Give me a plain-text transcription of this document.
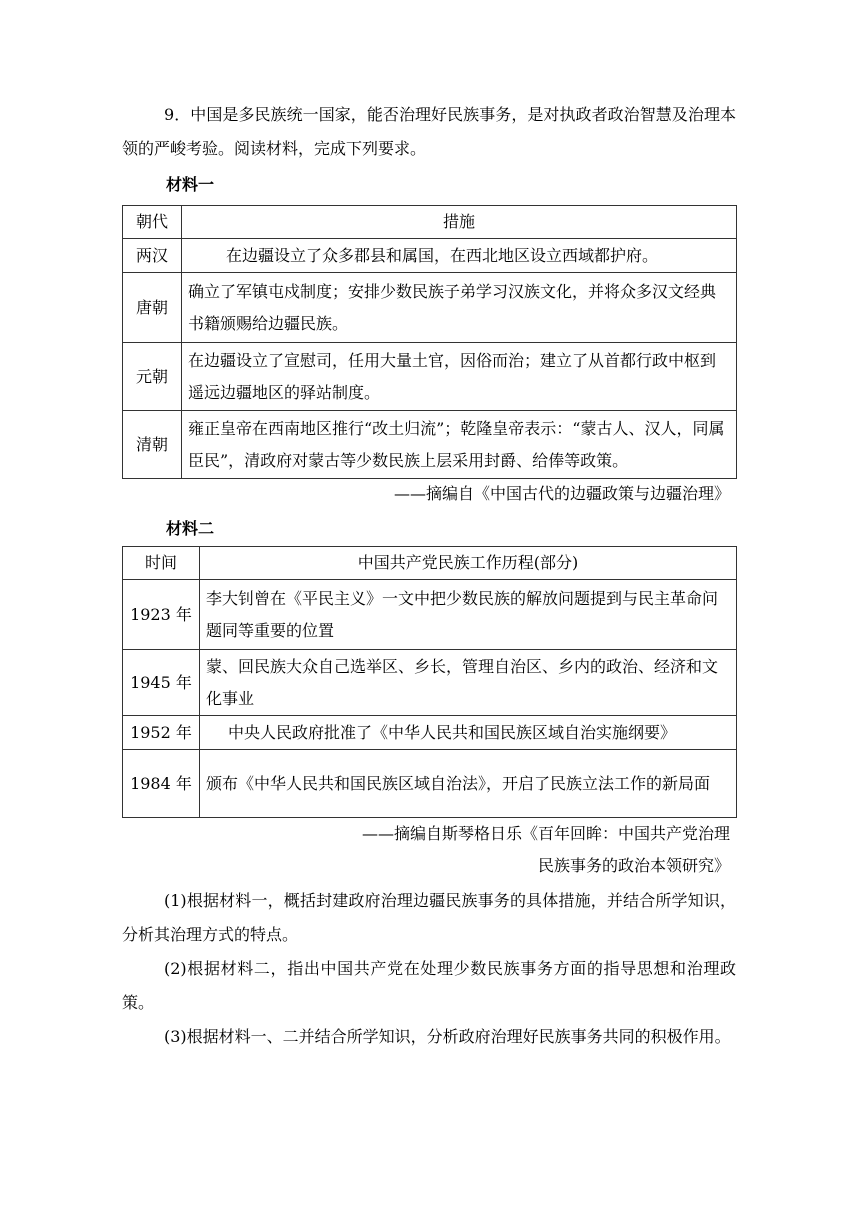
9．中国是多民族统一国家，能否治理好民族事务，是对执政者政治智慧及治理本领的严峻考验。阅读材料，完成下列要求。
材料一
朝代	措施
两汉	在边疆设立了众多郡县和属国，在西北地区设立西域都护府。
唐朝	确立了军镇屯戍制度；安排少数民族子弟学习汉族文化，并将众多汉文经典书籍颁赐给边疆民族。
元朝	在边疆设立了宣慰司，任用大量土官，因俗而治；建立了从首都行政中枢到遥远边疆地区的驿站制度。
清朝	雍正皇帝在西南地区推行“改土归流”；乾隆皇帝表示：“蒙古人、汉人，同属臣民”，清政府对蒙古等少数民族上层采用封爵、给俸等政策。
——摘编自《中国古代的边疆政策与边疆治理》
材料二
时间	中国共产党民族工作历程(部分)
1923 年	李大钊曾在《平民主义》一文中把少数民族的解放问题提到与民主革命问题同等重要的位置
1945 年	蒙、回民族大众自己选举区、乡长，管理自治区、乡内的政治、经济和文化事业
1952 年	中央人民政府批准了《中华人民共和国民族区域自治实施纲要》
1984 年	颁布《中华人民共和国民族区域自治法》，开启了民族立法工作的新局面
——摘编自斯琴格日乐《百年回眸：中国共产党治理
民族事务的政治本领研究》
(1)根据材料一，概括封建政府治理边疆民族事务的具体措施，并结合所学知识，分析其治理方式的特点。
(2)根据材料二，指出中国共产党在处理少数民族事务方面的指导思想和治理政策。
(3)根据材料一、二并结合所学知识，分析政府治理好民族事务共同的积极作用。
